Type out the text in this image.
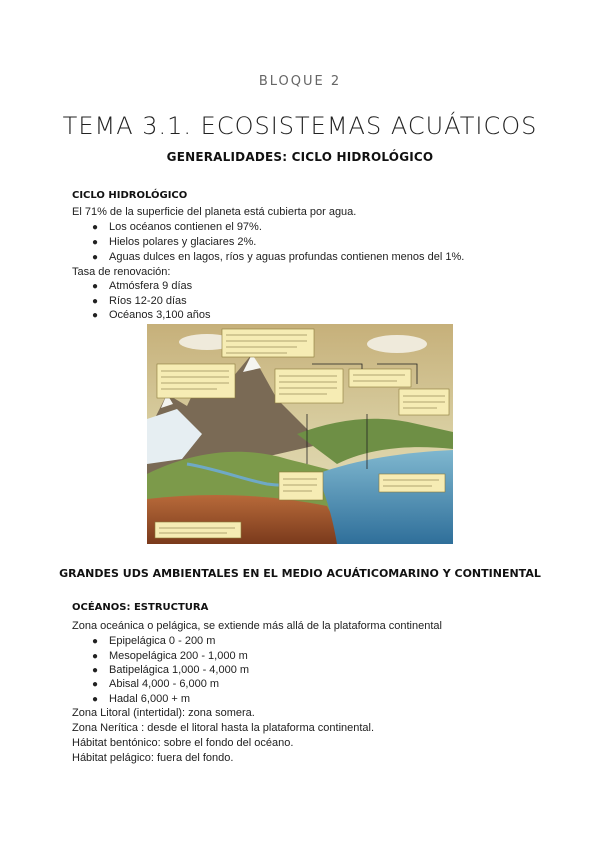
BLOQUE 2
TEMA 3.1. ECOSISTEMAS ACUÁTICOS
GENERALIDADES: CICLO HIDROLÓGICO
CICLO HIDROLÓGICO
El 71% de la superficie del planeta está cubierta por agua.
● Los océanos contienen el 97%.
● Hielos polares y glaciares 2%.
● Aguas dulces en lagos, ríos y aguas profundas contienen menos del 1%.
Tasa de renovación:
● Atmósfera 9 días
● Ríos 12-20 días
● Océanos 3,100 años
GRANDES UDS AMBIENTALES EN EL MEDIO ACUÁTICOMARINO Y CONTINENTAL
OCÉANOS: ESTRUCTURA
Zona oceánica o pelágica, se extiende más allá de la plataforma continental
● Epipelágica 0 - 200 m
● Mesopelágica 200 - 1,000 m
● Batipelágica 1,000 - 4,000 m
● Abisal 4,000 - 6,000 m
● Hadal 6,000 + m
Zona Litoral (intertidal): zona somera.
Zona Nerítica : desde el litoral hasta la plataforma continental.
Hábitat bentónico: sobre el fondo del océano.
Hábitat pelágico: fuera del fondo.
